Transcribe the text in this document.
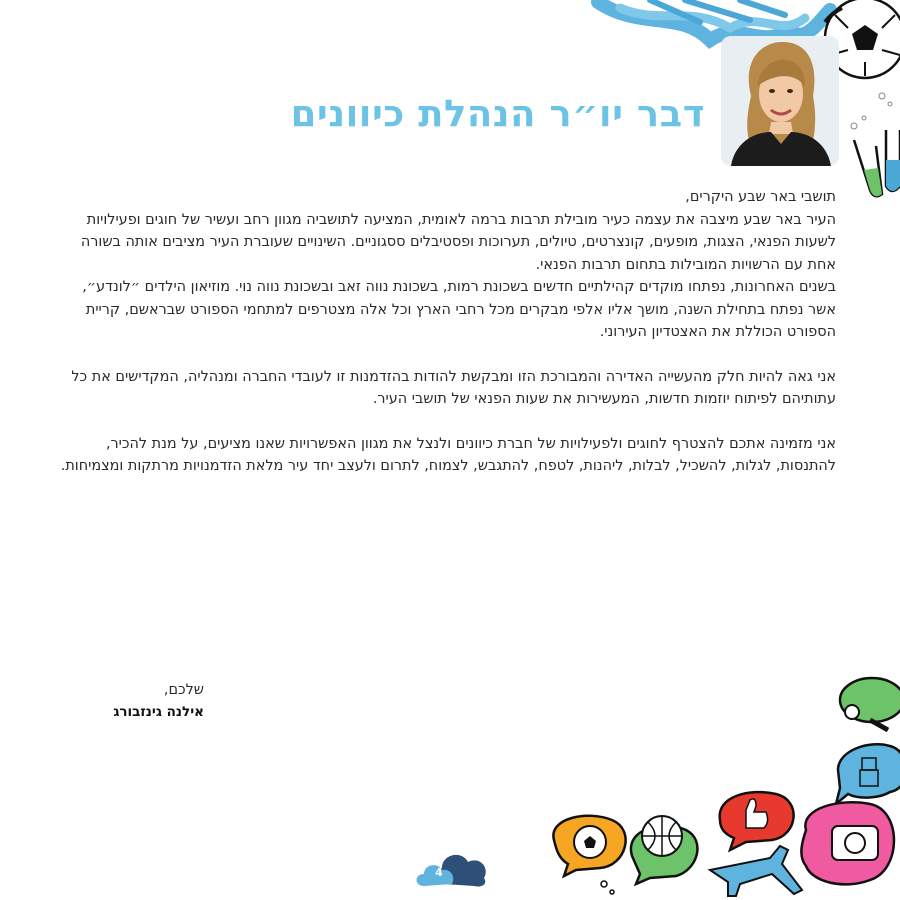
דבר יו״ר הנהלת כיוונים

תושבי באר שבע היקרים,

העיר באר שבע מיצבה את עצמה כעיר מובילת תרבות ברמה לאומית, המציעה לתושביה מגוון רחב ועשיר של חוגים ופעילויות לשעות הפנאי, הצגות, מופעים, קונצרטים, טיולים, תערוכות ופסטיבלים ססגוניים. השינויים שעוברת העיר מציבים אותה בשורה אחת עם הרשויות המובילות בתחום תרבות הפנאי.

בשנים האחרונות, נפתחו מוקדים קהילתיים חדשים בשכונת רמות, בשכונת נווה זאב ובשכונת נווה נוי. מוזיאון הילדים ״לונדע״, אשר נפתח בתחילת השנה, מושך אליו אלפי מבקרים מכל רחבי הארץ וכל אלה מצטרפים למתחמי הספורט שבראשם, קריית הספורט הכוללת את האצטדיון העירוני.

אני גאה להיות חלק מהעשייה האדירה והמבורכת הזו ומבקשת להודות בהזדמנות זו לעובדי החברה ומנהליה, המקדישים את כל עתותיהם לפיתוח יוזמות חדשות, המעשירות את שעות הפנאי של תושבי העיר.

אני מזמינה אתכם להצטרף לחוגים ולפעילויות של חברת כיוונים ולנצל את מגוון האפשרויות שאנו מציעים, על מנת להכיר, להתנסות, לגלות, להשכיל, לבלות, ליהנות, לטפח, להתגבש, לצמוח, לתרום ולעצב יחד עיר מלאת הזדמנויות מרתקות ומצמיחות.

שלכם,
אילנה גינזבורג
4
